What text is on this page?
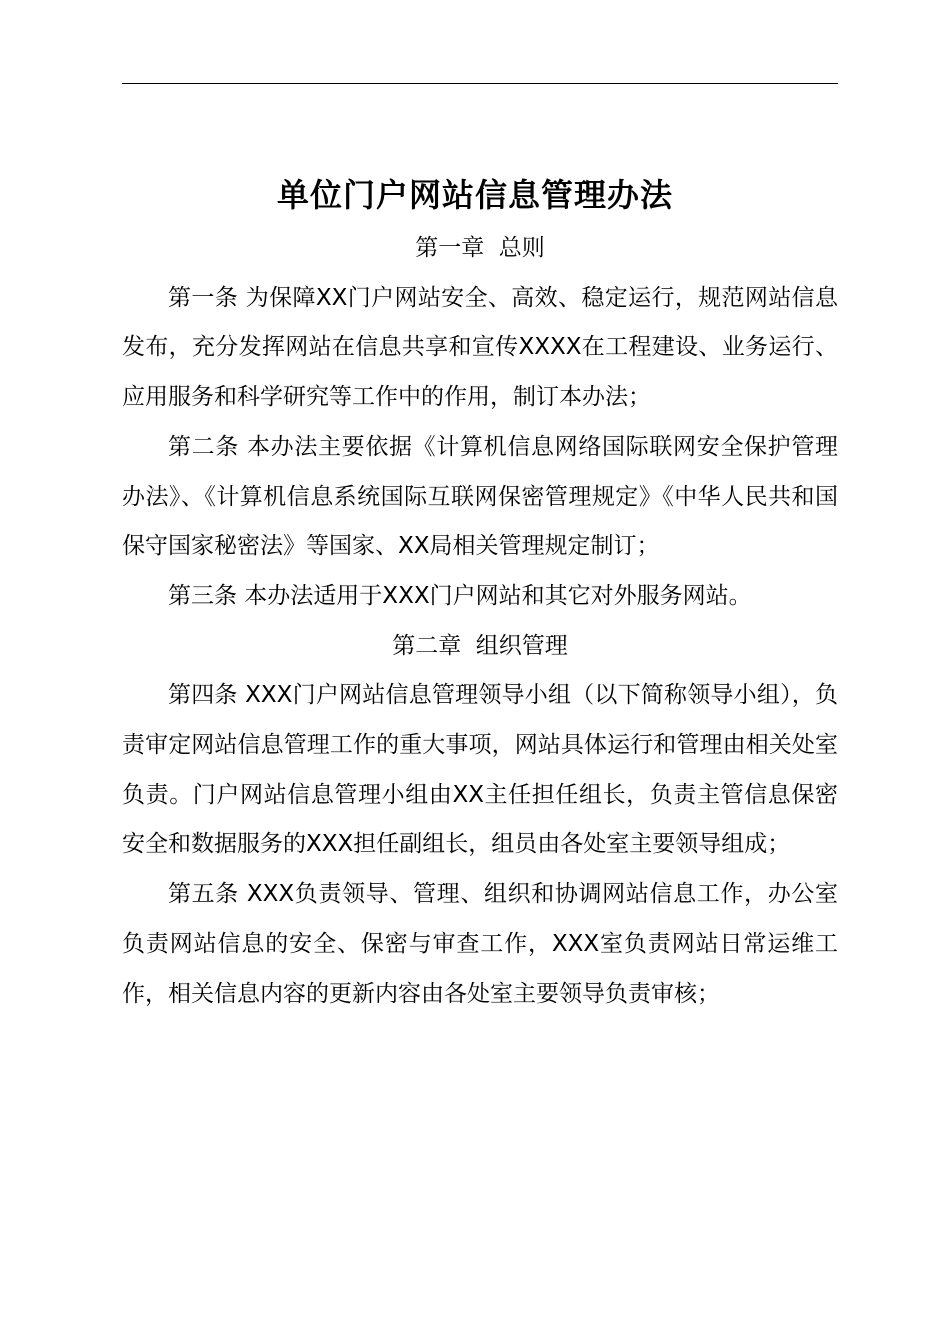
单位门户网站信息管理办法

第一章  总则

第一条 为保障XX门户网站安全、高效、稳定运行，规范网站信息发布，充分发挥网站在信息共享和宣传XXXX在工程建设、业务运行、应用服务和科学研究等工作中的作用，制订本办法；

第二条 本办法主要依据《计算机信息网络国际联网安全保护管理办法》、《计算机信息系统国际互联网保密管理规定》《中华人民共和国保守国家秘密法》等国家、XX局相关管理规定制订；

第三条 本办法适用于XXX门户网站和其它对外服务网站。

第二章  组织管理

第四条 XXX门户网站信息管理领导小组（以下简称领导小组），负责审定网站信息管理工作的重大事项，网站具体运行和管理由相关处室负责。门户网站信息管理小组由XX主任担任组长，负责主管信息保密安全和数据服务的XXX担任副组长，组员由各处室主要领导组成；

第五条 XXX负责领导、管理、组织和协调网站信息工作，办公室负责网站信息的安全、保密与审查工作，XXX室负责网站日常运维工作，相关信息内容的更新内容由各处室主要领导负责审核；
